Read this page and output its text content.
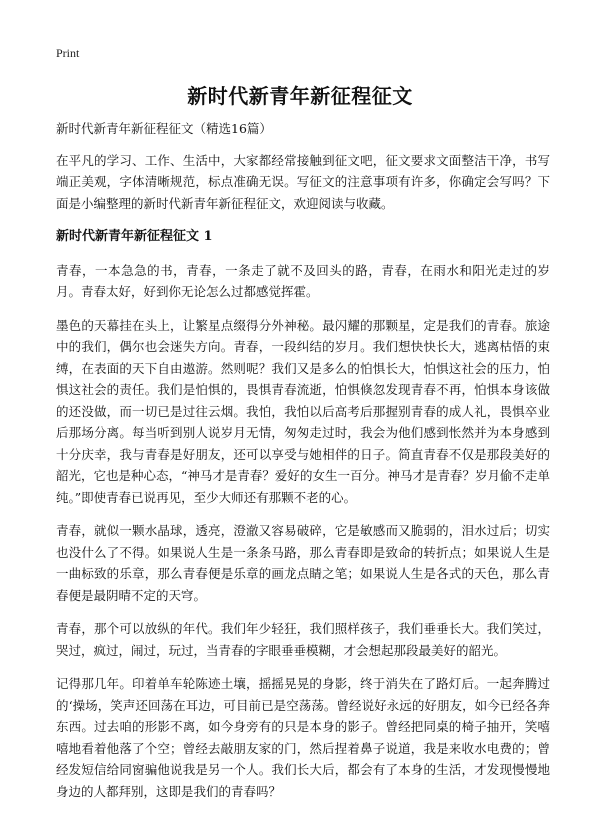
Print
新时代新青年新征程征文

新时代新青年新征程征文（精选16篇）

在平凡的学习、工作、生活中，大家都经常接触到征文吧，征文要求文面整洁干净，书写端正美观，字体清晰规范，标点准确无误。写征文的注意事项有许多，你确定会写吗？下面是小编整理的新时代新青年新征程征文，欢迎阅读与收藏。

新时代新青年新征程征文 1

青春，一本急急的书，青春，一条走了就不及回头的路，青春，在雨水和阳光走过的岁月。青春太好，好到你无论怎么过都感觉挥霍。

墨色的天幕挂在头上，让繁星点缀得分外神秘。最闪耀的那颗星，定是我们的青春。旅途中的我们，偶尔也会迷失方向。青春，一段纠结的岁月。我们想快快长大，逃离枯悟的束缚，在表面的天下自由遨游。然则呢？我们又是多么的怕惧长大，怕惧这社会的压力，怕惧这社会的责任。我们是怕惧的，畏惧青春流逝，怕惧倏忽发现青春不再，怕惧本身该做的还没做，而一切已是过往云烟。我怕，我怕以后高考后那握别青春的成人礼，畏惧卒业后那场分离。每当听到别人说岁月无情，匆匆走过时，我会为他们感到怅然并为本身感到十分庆幸，我与青春是好朋友，还可以享受与她相伴的日子。简直青春不仅是那段美好的韶光，它也是种心态，“神马才是青春？爱好的女生一百分。神马才是青春？岁月偷不走单纯。”即使青春已说再见，至少大师还有那颗不老的心。

青春，就似一颗水晶球，透亮，澄澈又容易破碎，它是敏感而又脆弱的，泪水过后；切实也没什么了不得。如果说人生是一条条马路，那么青春即是致命的转折点；如果说人生是一曲标致的乐章，那么青春便是乐章的画龙点睛之笔；如果说人生是各式的天色，那么青春便是最阴晴不定的天穹。

青春，那个可以放纵的年代。我们年少轻狂，我们照样孩子，我们垂垂长大。我们笑过，哭过，疯过，闹过，玩过，当青春的字眼垂垂模糊，才会想起那段最美好的韶光。

记得那几年。印着单车轮陈迹土壤，摇摇晃晃的身影，终于消失在了路灯后。一起奔腾过的‘操场，笑声还回荡在耳边，可目前已是空荡荡。曾经说好永远的好朋友，如今已经各奔东西。过去咱的形影不离，如今身旁有的只是本身的影子。曾经把同桌的椅子抽开，笑嘻嘻地看着他落了个空；曾经去敲朋友家的门，然后捏着鼻子说道，我是来收水电费的；曾经发短信给同窗骗他说我是另一个人。我们长大后，都会有了本身的生活，才发现慢慢地身边的人都拜别，这即是我们的青春吗？
